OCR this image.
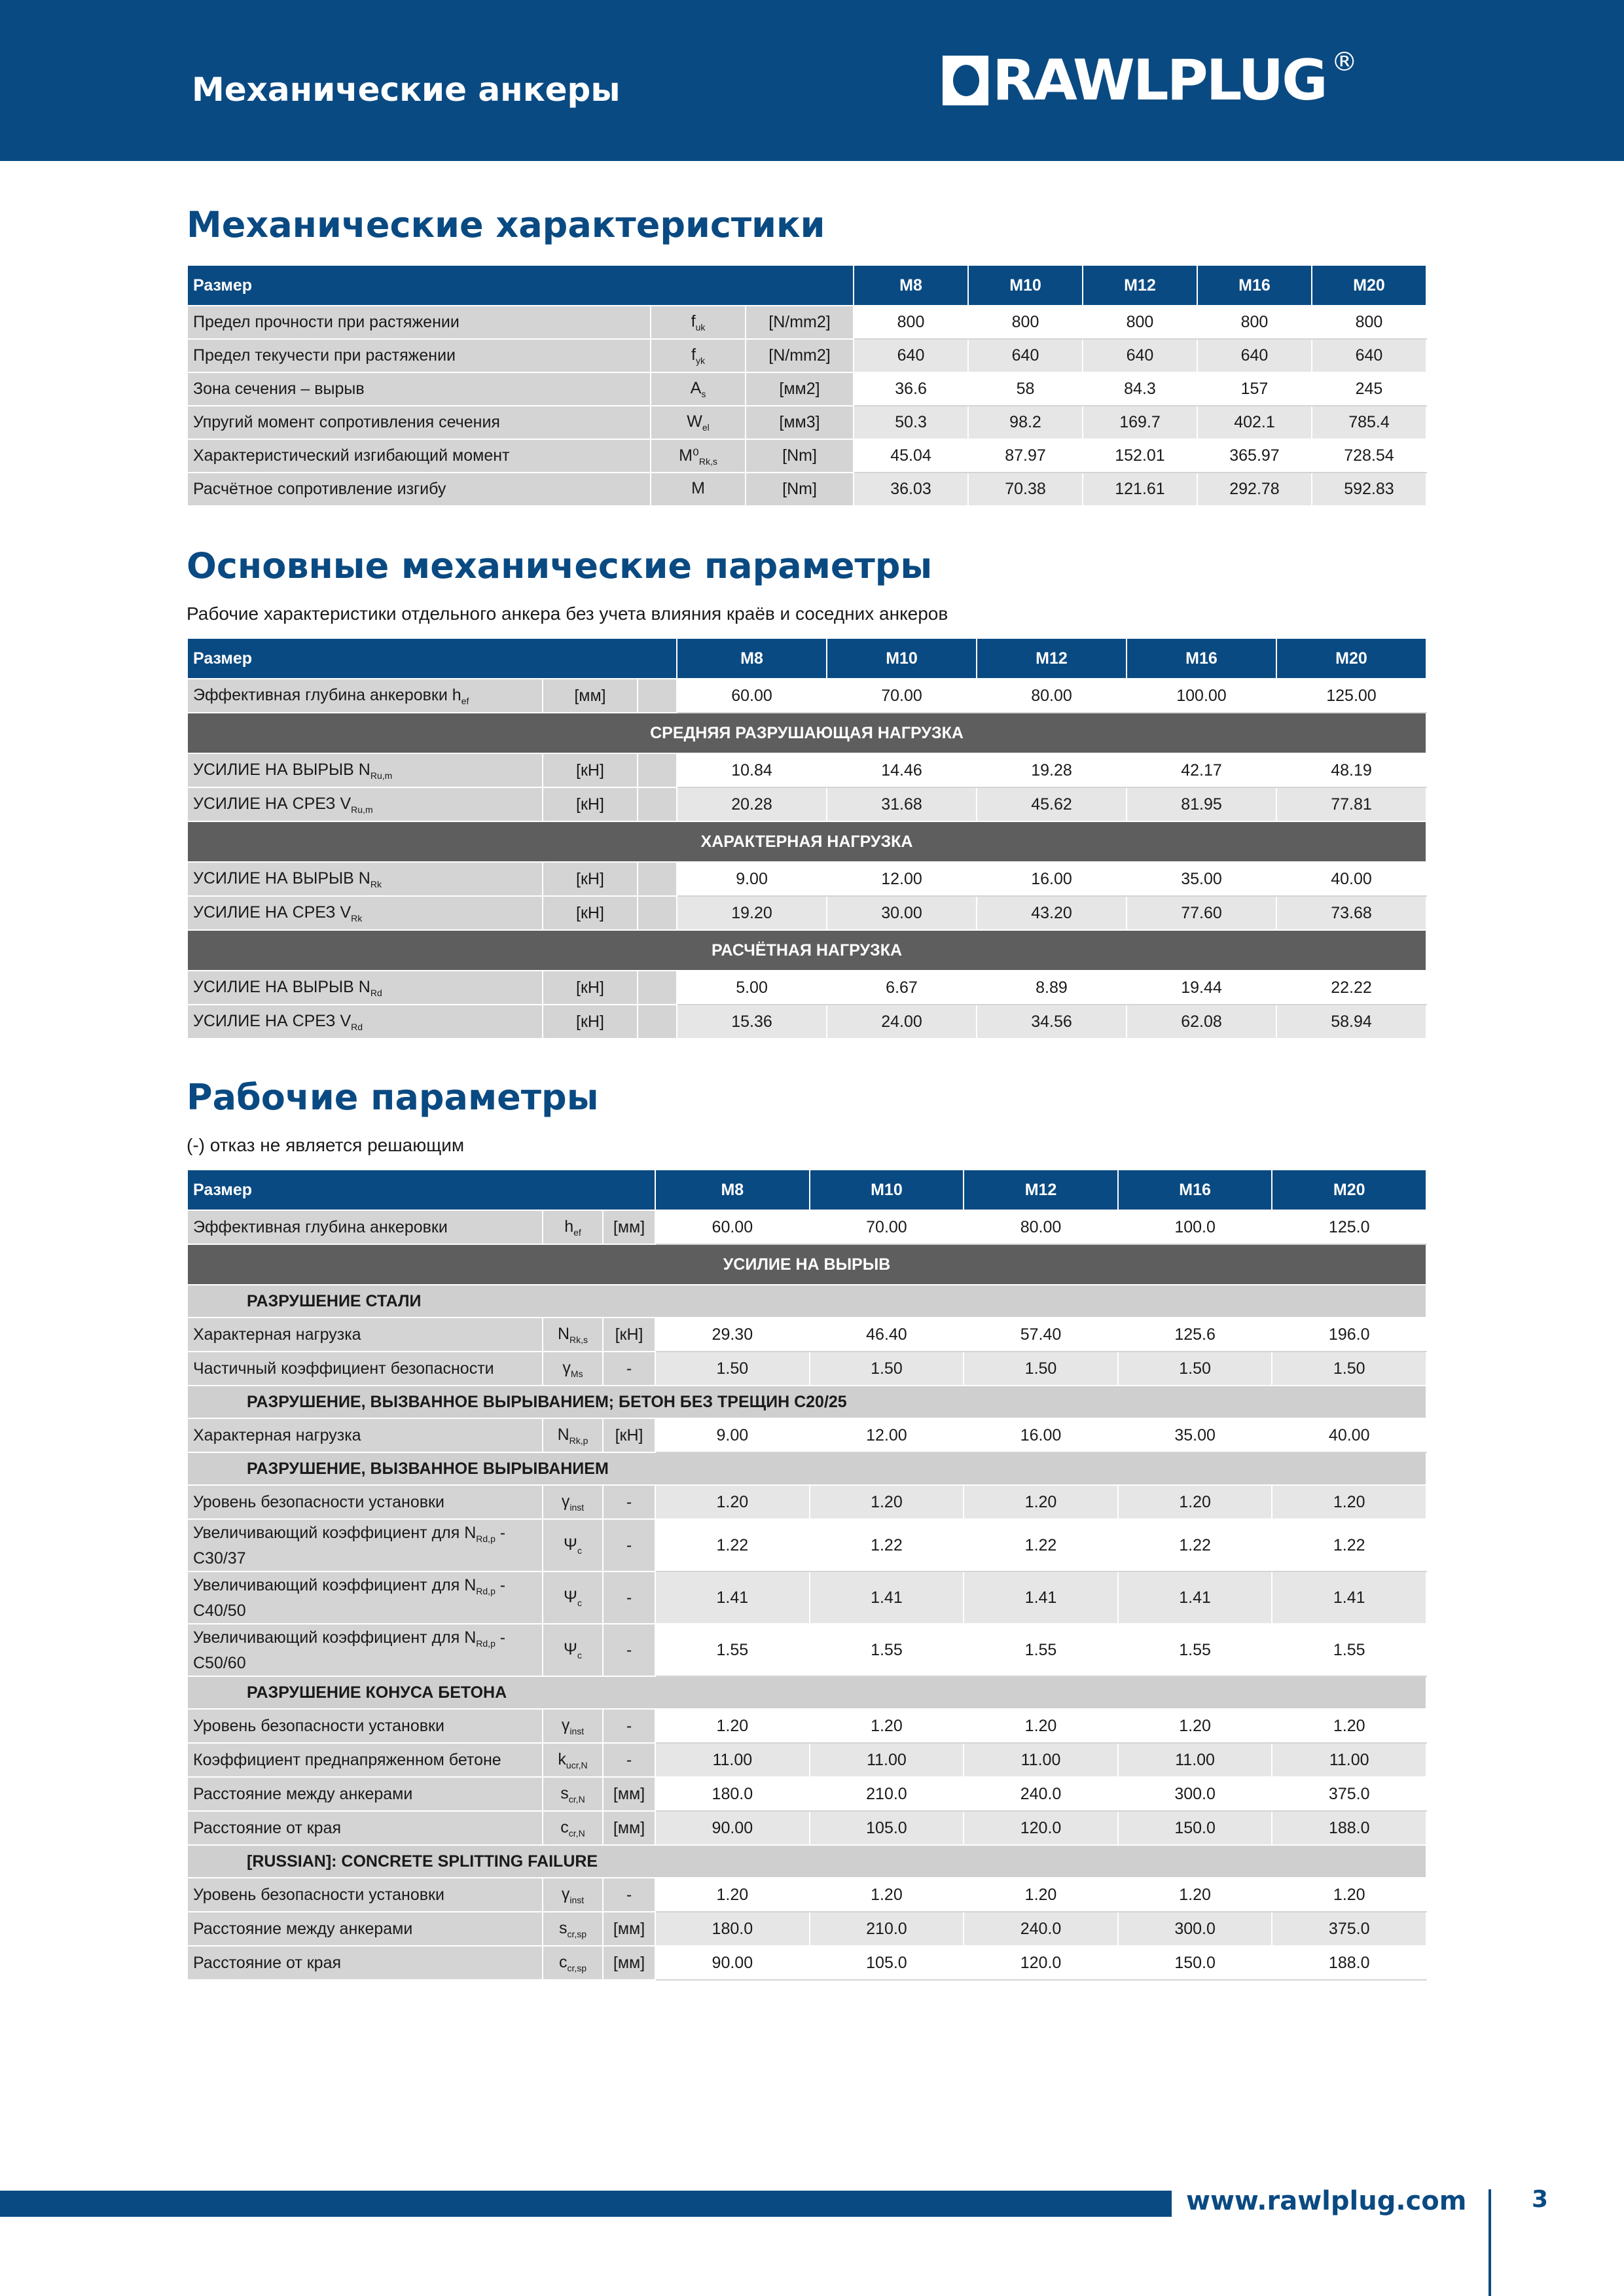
Механические анкеры	RAWLPLUG ®
Механические характеристики
Размер			M8	M10	M12	M16	M20
Предел прочности при растяжении	$f_{uk}$	[N/mm2]	800	800	800	800	800
Предел текучести при растяжении	$f_{yk}$	[N/mm2]	640	640	640	640	640
Зона сечения – вырыв	$A_s$	[мм2]	36.6	58	84.3	157	245
Упругий момент сопротивления сечения	$W_{el}$	[мм3]	50.3	98.2	169.7	402.1	785.4
Характеристический изгибающий момент	$M^0_{Rk,s}$	[Nm]	45.04	87.97	152.01	365.97	728.54
Расчётное сопротивление изгибу	M	[Nm]	36.03	70.38	121.61	292.78	592.83
Основные механические параметры
Рабочие характеристики отдельного анкера без учета влияния краёв и соседних анкеров
Размер			M8	M10	M12	M16	M20
Эффективная глубина анкеровки $h_{ef}$	[мм]		60.00	70.00	80.00	100.00	125.00
СРЕДНЯЯ РАЗРУШАЮЩАЯ НАГРУЗКА							
УСИЛИЕ НА ВЫРЫВ $N_{Ru,m}$	[кН]		10.84	14.46	19.28	42.17	48.19
УСИЛИЕ НА СРЕЗ $V_{Ru,m}$	[кН]		20.28	31.68	45.62	81.95	77.81
ХАРАКТЕРНАЯ НАГРУЗКА							
УСИЛИЕ НА ВЫРЫВ $N_{Rk}$	[кН]		9.00	12.00	16.00	35.00	40.00
УСИЛИЕ НА СРЕЗ $V_{Rk}$	[кН]		19.20	30.00	43.20	77.60	73.68
РАСЧЁТНАЯ НАГРУЗКА							
УСИЛИЕ НА ВЫРЫВ $N_{Rd}$	[кН]		5.00	6.67	8.89	19.44	22.22
УСИЛИЕ НА СРЕЗ $V_{Rd}$	[кН]		15.36	24.00	34.56	62.08	58.94
Рабочие параметры
(-) отказ не является решающим
Размер			M8	M10	M12	M16	M20
Эффективная глубина анкеровки	$h_{ef}$	[мм]	60.00	70.00	80.00	100.0	125.0
УСИЛИЕ НА ВЫРЫВ							
РАЗРУШЕНИЕ СТАЛИ							
Характерная нагрузка	$N_{Rk,s}$	[кН]	29.30	46.40	57.40	125.6	196.0
Частичный коэффициент безопасности	$\gamma_{Ms}$	-	1.50	1.50	1.50	1.50	1.50
РАЗРУШЕНИЕ, ВЫЗВАННОЕ ВЫРЫВАНИЕМ; БЕТОН БЕЗ ТРЕЩИН C20/25							
Характерная нагрузка	$N_{Rk,p}$	[кН]	9.00	12.00	16.00	35.00	40.00
РАЗРУШЕНИЕ, ВЫЗВАННОЕ ВЫРЫВАНИЕМ							
Уровень безопасности установки	$\gamma_{inst}$	-	1.20	1.20	1.20	1.20	1.20
Увеличивающий коэффициент для $N_{Rd,p}$ -
C30/37	$\Psi_c$	-	1.22	1.22	1.22	1.22	1.22
Увеличивающий коэффициент для $N_{Rd,p}$ -
C40/50	$\Psi_c$	-	1.41	1.41	1.41	1.41	1.41
Увеличивающий коэффициент для $N_{Rd,p}$ -
C50/60	$\Psi_c$	-	1.55	1.55	1.55	1.55	1.55
РАЗРУШЕНИЕ КОНУСА БЕТОНА							
Уровень безопасности установки	$\gamma_{inst}$	-	1.20	1.20	1.20	1.20	1.20
Коэффициент преднапряженном бетоне	$k_{ucr,N}$	-	11.00	11.00	11.00	11.00	11.00
Расстояние между анкерами	$s_{cr,N}$	[мм]	180.0	210.0	240.0	300.0	375.0
Расстояние от края	$c_{cr,N}$	[мм]	90.00	105.0	120.0	150.0	188.0
[RUSSIAN]: CONCRETE SPLITTING FAILURE							
Уровень безопасности установки	$\gamma_{inst}$	-	1.20	1.20	1.20	1.20	1.20
Расстояние между анкерами	$s_{cr,sp}$	[мм]	180.0	210.0	240.0	300.0	375.0
Расстояние от края	$c_{cr,sp}$	[мм]	90.00	105.0	120.0	150.0	188.0
www.rawlplug.com	3
